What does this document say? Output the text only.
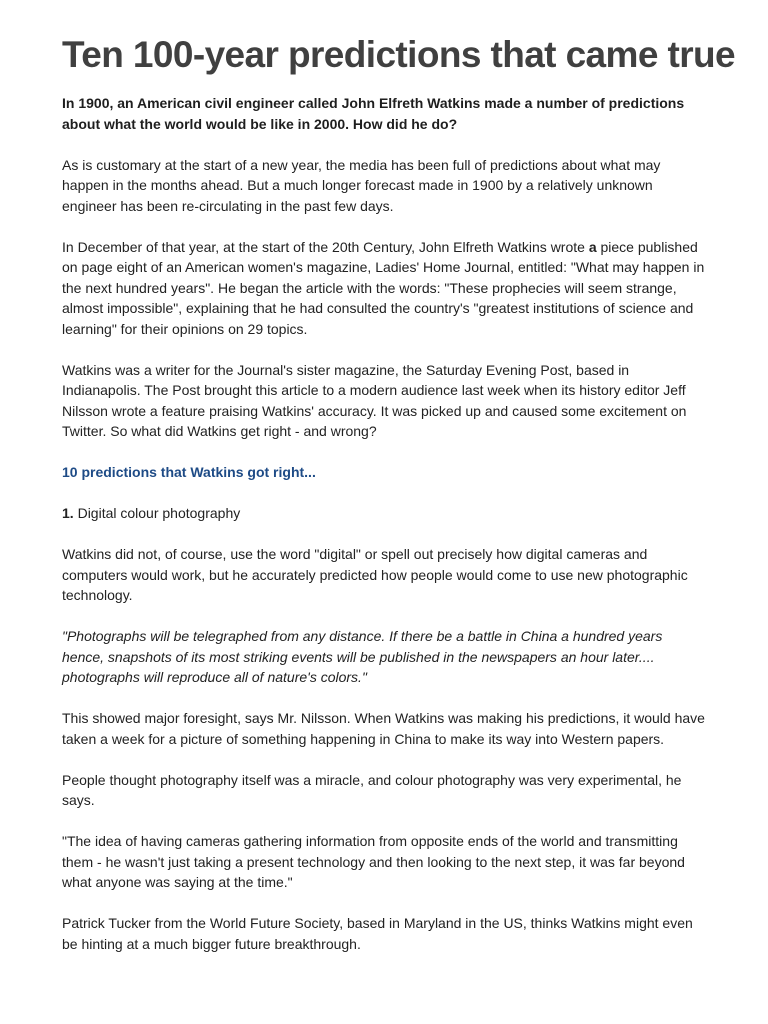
Ten 100-year predictions that came true

In 1900, an American civil engineer called John Elfreth Watkins made a number of predictions about what the world would be like in 2000. How did he do?

As is customary at the start of a new year, the media has been full of predictions about what may happen in the months ahead. But a much longer forecast made in 1900 by a relatively unknown engineer has been re-circulating in the past few days.

In December of that year, at the start of the 20th Century, John Elfreth Watkins wrote a piece published on page eight of an American women's magazine, Ladies' Home Journal, entitled: "What may happen in the next hundred years". He began the article with the words: "These prophecies will seem strange, almost impossible", explaining that he had consulted the country's "greatest institutions of science and learning" for their opinions on 29 topics.

Watkins was a writer for the Journal's sister magazine, the Saturday Evening Post, based in Indianapolis. The Post brought this article to a modern audience last week when its history editor Jeff Nilsson wrote a feature praising Watkins' accuracy. It was picked up and caused some excitement on Twitter. So what did Watkins get right - and wrong?

10 predictions that Watkins got right...

1. Digital colour photography

Watkins did not, of course, use the word "digital" or spell out precisely how digital cameras and computers would work, but he accurately predicted how people would come to use new photographic technology.

"Photographs will be telegraphed from any distance. If there be a battle in China a hundred years hence, snapshots of its most striking events will be published in the newspapers an hour later.... photographs will reproduce all of nature's colors."

This showed major foresight, says Mr. Nilsson. When Watkins was making his predictions, it would have taken a week for a picture of something happening in China to make its way into Western papers.

People thought photography itself was a miracle, and colour photography was very experimental, he says.

"The idea of having cameras gathering information from opposite ends of the world and transmitting them - he wasn't just taking a present technology and then looking to the next step, it was far beyond what anyone was saying at the time."

Patrick Tucker from the World Future Society, based in Maryland in the US, thinks Watkins might even be hinting at a much bigger future breakthrough.
